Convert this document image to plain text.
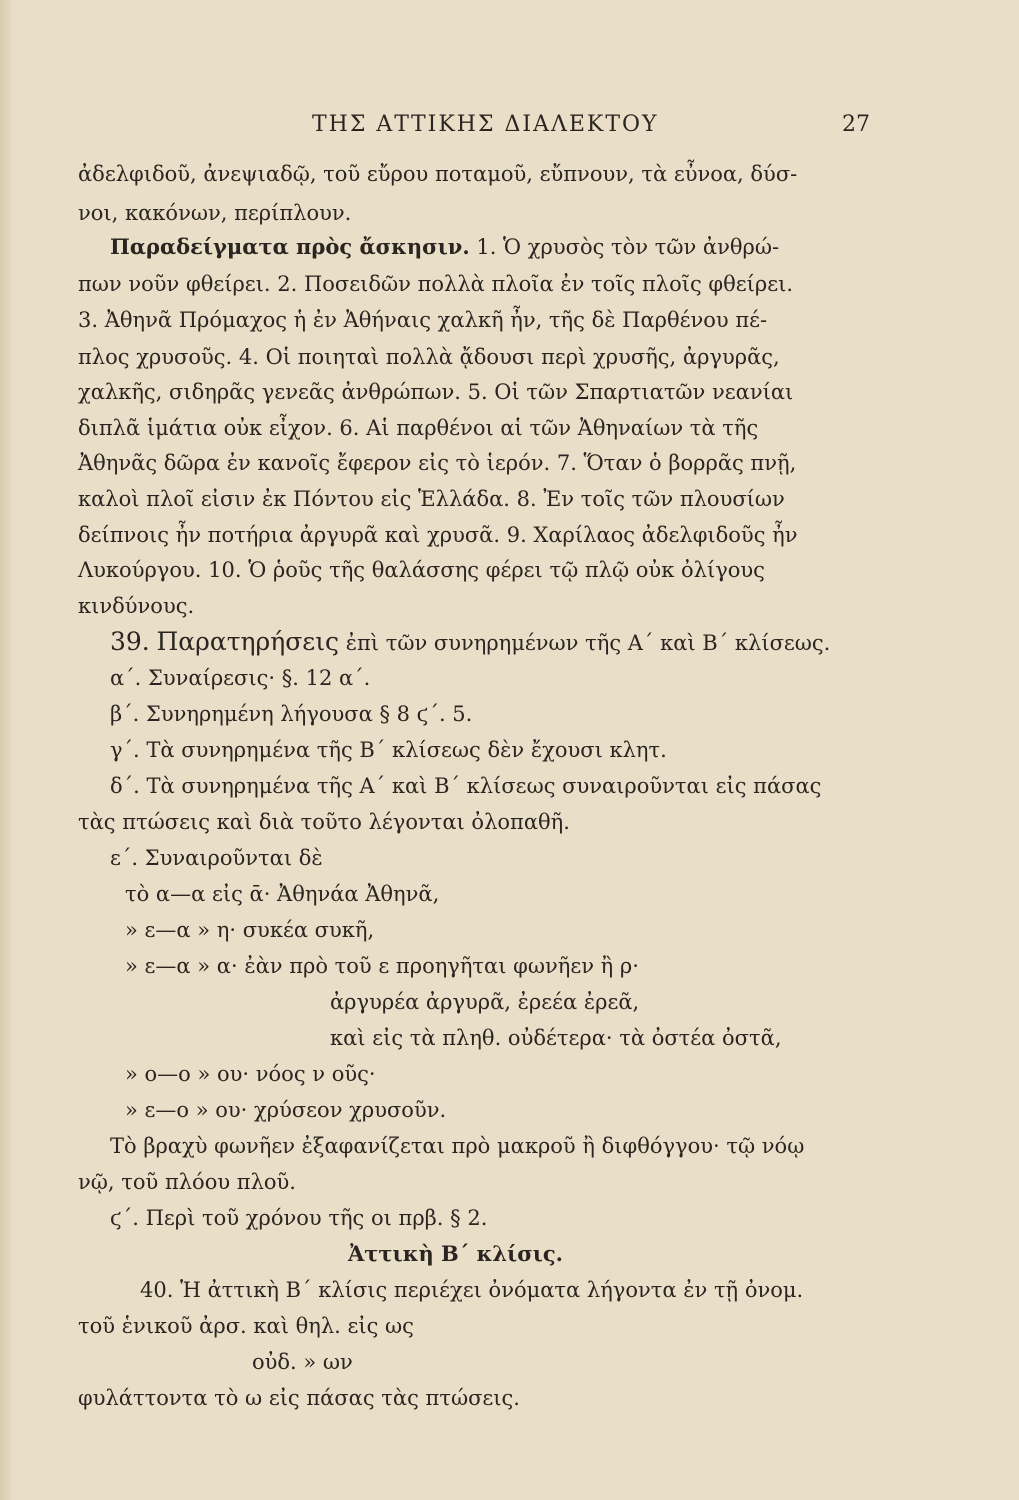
ΤΗΣ ΑΤΤΙΚΗΣ ΔΙΑΛΕΚΤΟΥ	27
ἀδελφιδοῦ, ἀνεψιαδῷ, τοῦ εὔρου ποταμοῦ, εὔπνουν, τὰ εὖνοα, δύσ-
νοι, κακόνων, περίπλουν.
Παραδείγματα πρὸς ἄσκησιν. 1. Ὁ χρυσὸς τὸν τῶν ἀνθρώ-
πων νοῦν φθείρει. 2. Ποσειδῶν πολλὰ πλοῖα ἐν τοῖς πλοῖς φθείρει.
3. Ἀθηνᾶ Πρόμαχος ἡ ἐν Ἀθήναις χαλκῆ ἦν, τῆς δὲ Παρθένου πέ-
πλος χρυσοῦς. 4. Οἱ ποιηταὶ πολλὰ ᾄδουσι περὶ χρυσῆς, ἀργυρᾶς,
χαλκῆς, σιδηρᾶς γενεᾶς ἀνθρώπων. 5. Οἱ τῶν Σπαρτιατῶν νεανίαι
διπλᾶ ἱμάτια οὐκ εἶχον. 6. Αἱ παρθένοι αἱ τῶν Ἀθηναίων τὰ τῆς
Ἀθηνᾶς δῶρα ἐν κανοῖς ἔφερον εἰς τὸ ἱερόν. 7. Ὅταν ὁ βορρᾶς πνῇ,
καλοὶ πλοῖ εἰσιν ἐκ Πόντου εἰς Ἑλλάδα. 8. Ἐν τοῖς τῶν πλουσίων
δείπνοις ἦν ποτήρια ἀργυρᾶ καὶ χρυσᾶ. 9. Χαρίλαος ἀδελφιδοῦς ἦν
Λυκούργου. 10. Ὁ ῥοῦς τῆς θαλάσσης φέρει τῷ πλῷ οὐκ ὀλίγους
κινδύνους.
39. Παρατηρήσεις ἐπὶ τῶν συνηρημένων τῆς Α΄ καὶ Β΄ κλίσεως.
α΄. Συναίρεσις· §. 12 α΄.
β΄. Συνηρημένη λήγουσα § 8 ϛ΄. 5.
γ΄. Τὰ συνηρημένα τῆς Β΄ κλίσεως δὲν ἔχουσι κλητ.
δ΄. Τὰ συνηρημένα τῆς Α΄ καὶ Β΄ κλίσεως συναιροῦνται εἰς πάσας
τὰς πτώσεις καὶ διὰ τοῦτο λέγονται ὀλοπαθῆ.
ε΄. Συναιροῦνται δὲ
τὸ α—α εἰς ᾱ· Ἀθηνάα Ἀθηνᾶ,
» ε—α » η· συκέα συκῆ,
» ε—α » α· ἐὰν πρὸ τοῦ ε προηγῆται φωνῆεν ἢ ρ·
ἀργυρέα ἀργυρᾶ, ἐρεέα ἐρεᾶ,
καὶ εἰς τὰ πληθ. οὐδέτερα· τὰ ὀστέα ὀστᾶ,
» ο—ο » ου· νόος ν οῦς·
» ε—ο » ου· χρύσεον χρυσοῦν.
Τὸ βραχὺ φωνῆεν ἐξαφανίζεται πρὸ μακροῦ ἢ διφθόγγου· τῷ νόῳ
νῷ, τοῦ πλόου πλοῦ.
ϛ΄. Περὶ τοῦ χρόνου τῆς οι πρβ. § 2.
Ἀττικὴ Β΄ κλίσις.
40. Ἡ ἀττικὴ Β΄ κλίσις περιέχει ὀνόματα λήγοντα ἐν τῇ ὀνομ.
τοῦ ἑνικοῦ ἀρσ. καὶ θηλ. εἰς ως
οὐδ. » ων
φυλάττοντα τὸ ω εἰς πάσας τὰς πτώσεις.
